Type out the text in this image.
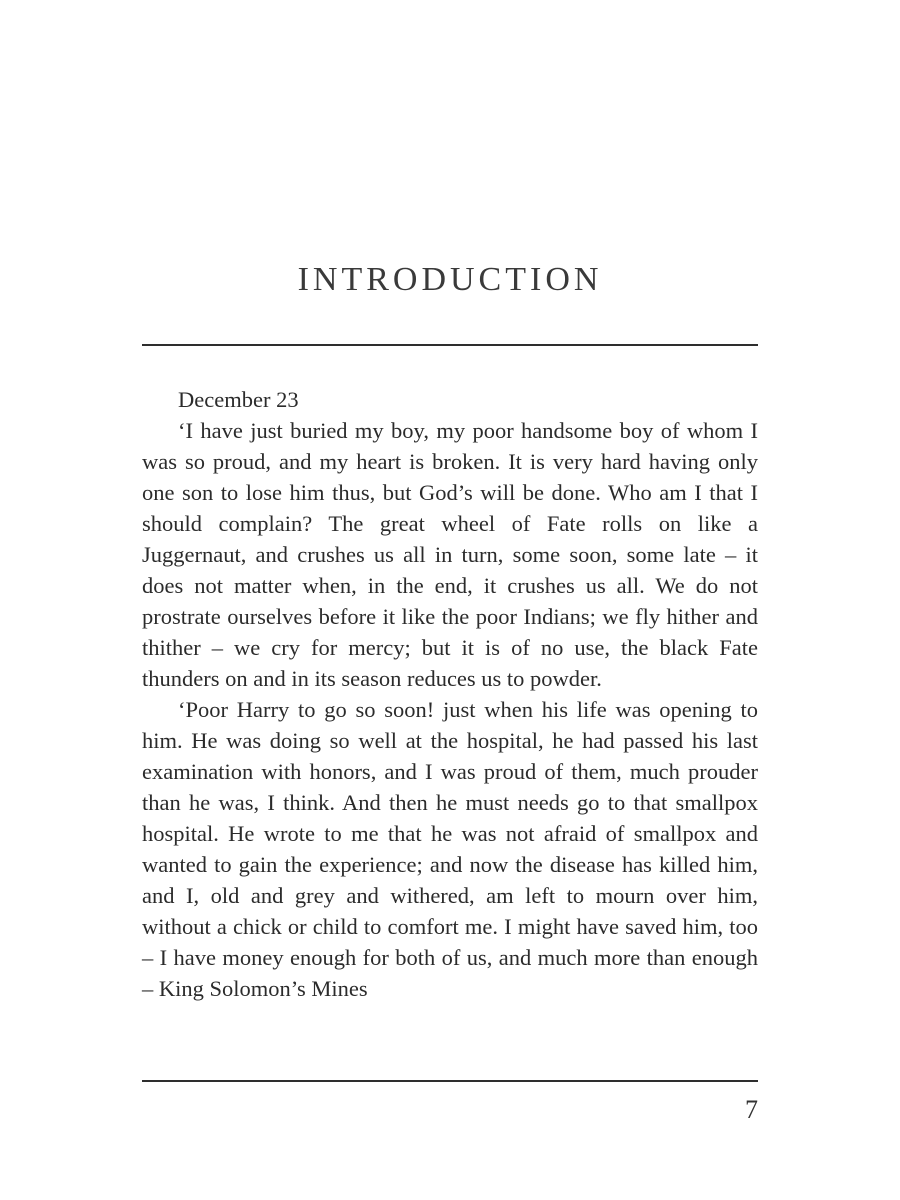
INTRODUCTION

December 23

‘I have just buried my boy, my poor handsome boy of whom I was so proud, and my heart is broken. It is very hard having only one son to lose him thus, but God’s will be done. Who am I that I should complain? The great wheel of Fate rolls on like a Juggernaut, and crushes us all in turn, some soon, some late – it does not matter when, in the end, it crushes us all. We do not prostrate ourselves before it like the poor Indians; we fly hither and thither – we cry for mercy; but it is of no use, the black Fate thunders on and in its season reduces us to powder.

‘Poor Harry to go so soon! just when his life was opening to him. He was doing so well at the hospital, he had passed his last examination with honors, and I was proud of them, much prouder than he was, I think. And then he must needs go to that smallpox hospital. He wrote to me that he was not afraid of smallpox and wanted to gain the experience; and now the disease has killed him, and I, old and grey and withered, am left to mourn over him, without a chick or child to comfort me. I might have saved him, too – I have money enough for both of us, and much more than enough – King Solomon’s Mines

7
